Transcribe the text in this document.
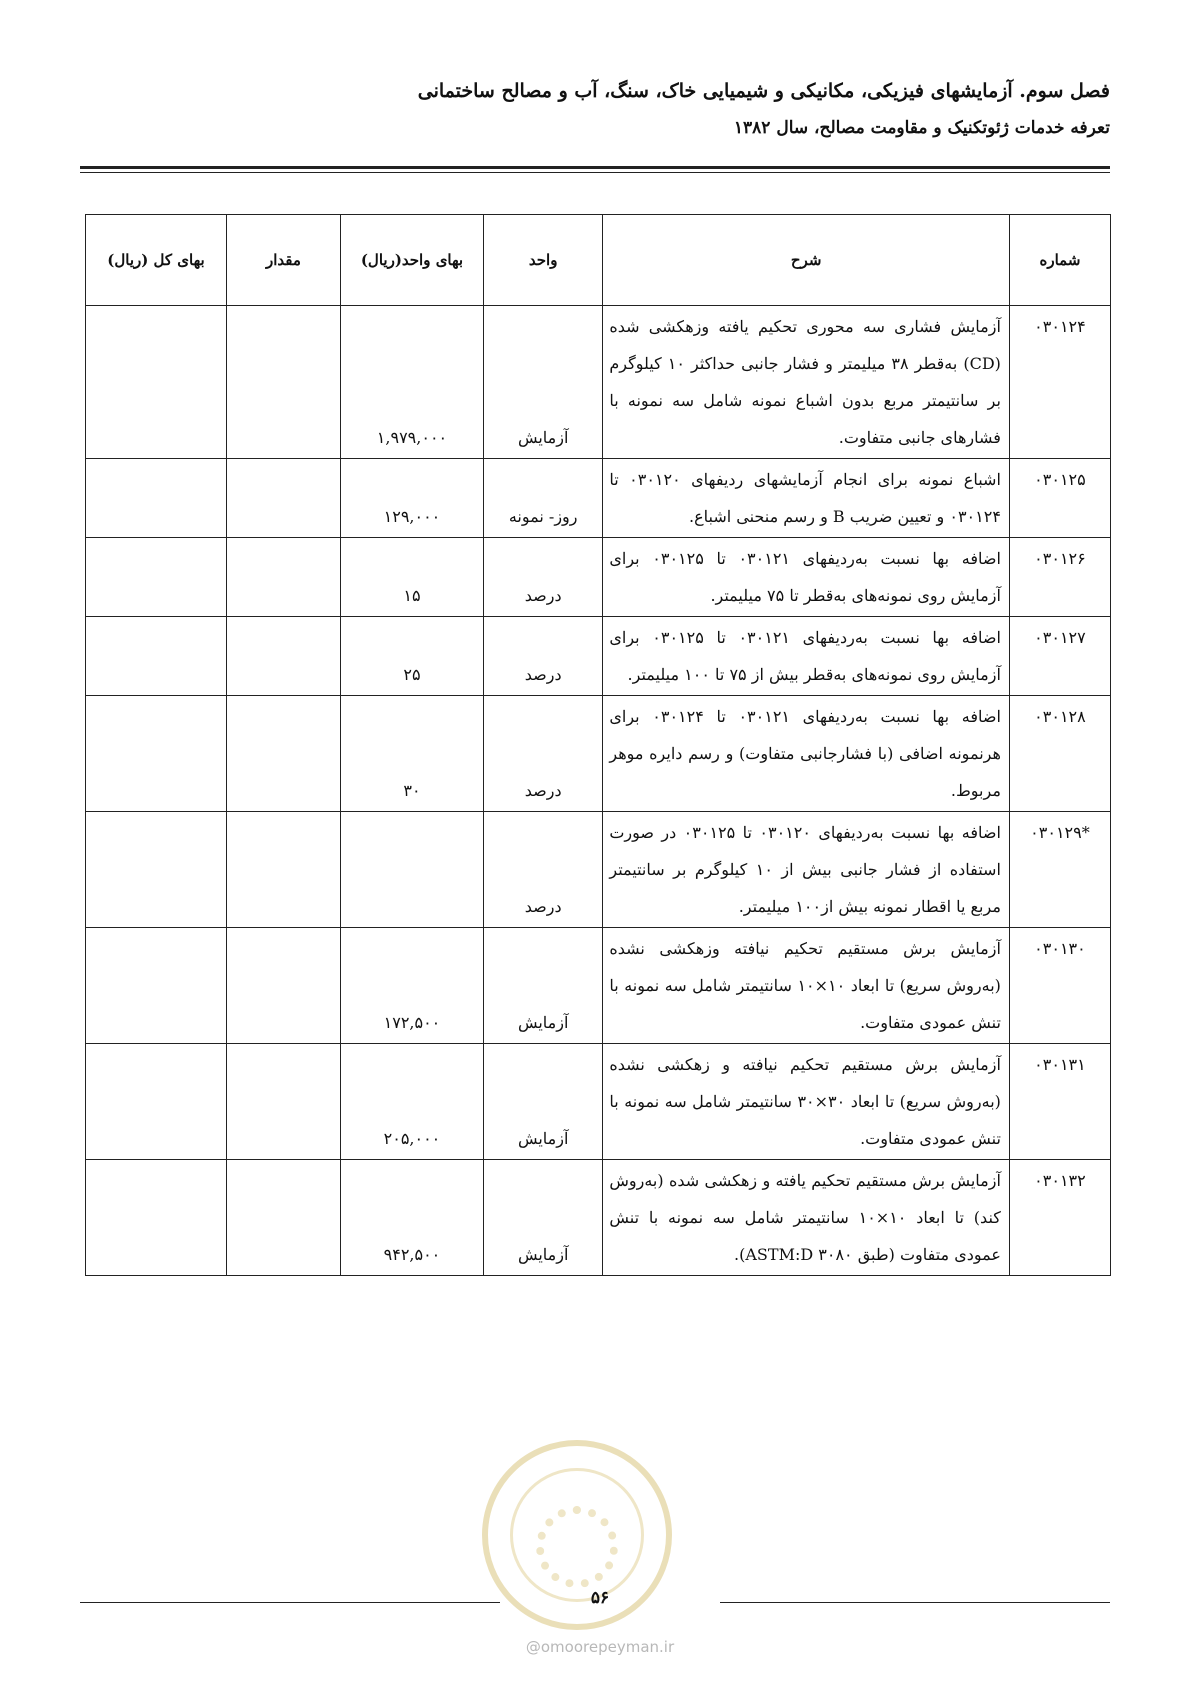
فصل سوم. آزمایشهای فیزیکی، مکانیکی و شیمیایی خاک، سنگ، آب و مصالح ساختمانی

تعرفه خدمات ژئوتکنیک و مقاومت مصالح، سال ۱۳۸۲

شماره	شرح	واحد	بهای واحد(ریال)	مقدار	بهای کل (ریال)
۰۳۰۱۲۴	آزمایش فشاری سه محوری تحکیم یافته وزهکشی شده (CD) به‌قطر ۳۸ میلیمتر و فشار جانبی حداکثر ۱۰ کیلوگرم بر سانتیمتر مربع بدون اشباع نمونه شامل سه نمونه با فشارهای جانبی متفاوت.	آزمایش	۱,۹۷۹,۰۰۰		
۰۳۰۱۲۵	اشباع نمونه برای انجام آزمایشهای ردیفهای ۰۳۰۱۲۰ تا ۰۳۰۱۲۴ و تعیین ضریب B و رسم منحنی اشباع.	روز- نمونه	۱۲۹,۰۰۰		
۰۳۰۱۲۶	اضافه بها نسبت به‌ردیفهای ۰۳۰۱۲۱ تا ۰۳۰۱۲۵ برای آزمایش روی نمونه‌های به‌قطر تا ۷۵ میلیمتر.	درصد	۱۵		
۰۳۰۱۲۷	اضافه بها نسبت به‌ردیفهای ۰۳۰۱۲۱ تا ۰۳۰۱۲۵ برای آزمایش روی نمونه‌های به‌قطر بیش از ۷۵ تا ۱۰۰ میلیمتر.	درصد	۲۵		
۰۳۰۱۲۸	اضافه بها نسبت به‌ردیفهای ۰۳۰۱۲۱ تا ۰۳۰۱۲۴ برای هرنمونه اضافی (با فشارجانبی متفاوت) و رسم دایره موهر مربوط.	درصد	۳۰		
*۰۳۰۱۲۹	اضافه بها نسبت به‌ردیفهای ۰۳۰۱۲۰ تا ۰۳۰۱۲۵ در صورت استفاده از فشار جانبی بیش از ۱۰ کیلوگرم بر سانتیمتر مربع یا اقطار نمونه بیش از۱۰۰ میلیمتر.	درصد			
۰۳۰۱۳۰	آزمایش برش مستقیم تحکیم نیافته وزهکشی نشده (به‌روش سریع) تا ابعاد ۱۰×۱۰ سانتیمتر شامل سه نمونه با تنش عمودی متفاوت.	آزمایش	۱۷۲,۵۰۰		
۰۳۰۱۳۱	آزمایش برش مستقیم تحکیم نیافته و زهکشی نشده (به‌روش سریع) تا ابعاد ۳۰×۳۰ سانتیمتر شامل سه نمونه با تنش عمودی متفاوت.	آزمایش	۲۰۵,۰۰۰		
۰۳۰۱۳۲	آزمایش برش مستقیم تحکیم یافته و زهکشی شده (به‌روش کند) تا ابعاد ۱۰×۱۰ سانتیمتر شامل سه نمونه با تنش عمودی متفاوت (طبق ASTM:D ۳۰۸۰).	آزمایش	۹۴۲,۵۰۰		
۵۶
@omoorepeyman.ir
